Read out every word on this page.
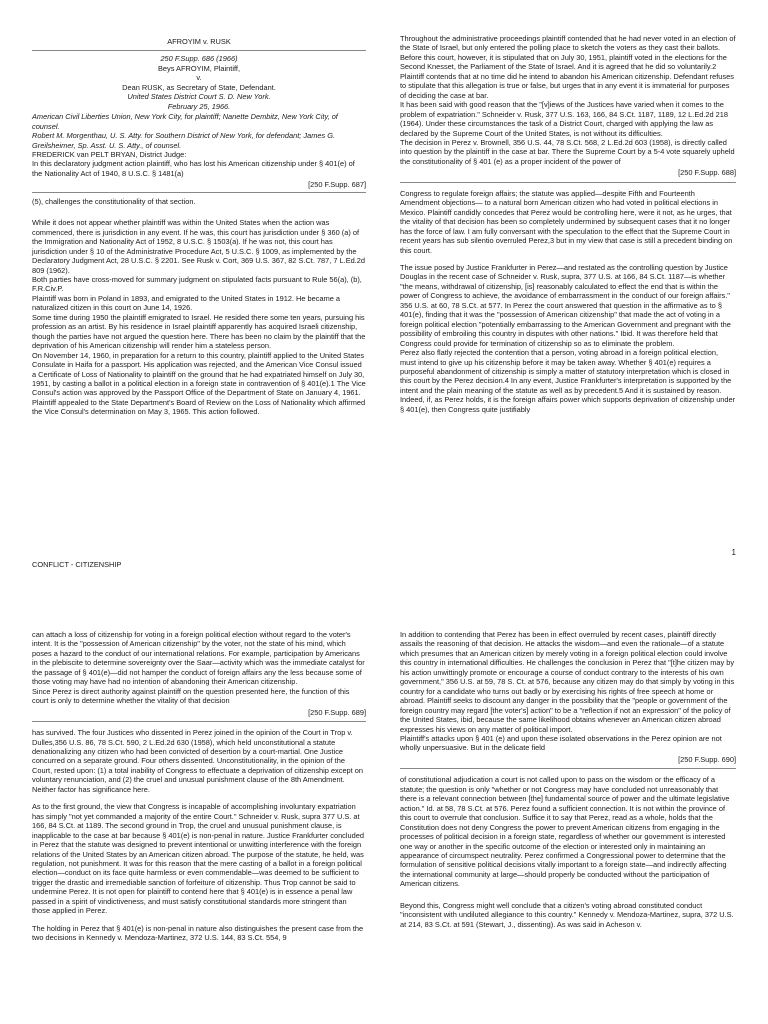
AFROYIM v. RUSK

250 F.Supp. 686 (1966)

Beys AFROYIM, Plaintiff,

v.

Dean RUSK, as Secretary of State, Defendant.

United States District Court S. D. New York.

February 25, 1966.

American Civil Liberties Union, New York City, for plaintiff; Nanette Dembitz, New York City, of counsel.

Robert M. Morgenthau, U. S. Atty. for Southern District of New York, for defendant; James G. Greilsheimer, Sp. Asst. U. S. Atty., of counsel.

FREDERICK van PELT BRYAN, District Judge:

In this declaratory judgment action plaintiff, who has lost his American citizenship under § 401(e) of the Nationality Act of 1940, 8 U.S.C. § 1481(a)

[250 F.Supp. 687]

(5), challenges the constitutionality of that section.

While it does not appear whether plaintiff was within the United States when the action was commenced, there is jurisdiction in any event. If he was, this court has jurisdiction under § 360 (a) of the Immigration and Nationality Act of 1952, 8 U.S.C. § 1503(a). If he was not, this court has jurisdiction under § 10 of the Administrative Procedure Act, 5 U.S.C. § 1009, as implemented by the Declaratory Judgment Act, 28 U.S.C. § 2201. See Rusk v. Cort, 369 U.S. 367, 82 S.Ct. 787, 7 L.Ed.2d 809 (1962).

Both parties have cross-moved for summary judgment on stipulated facts pursuant to Rule 56(a), (b), F.R.Civ.P.

Plaintiff was born in Poland in 1893, and emigrated to the United States in 1912. He became a naturalized citizen in this court on June 14, 1926.

Some time during 1950 the plaintiff emigrated to Israel. He resided there some ten years, pursuing his profession as an artist. By his residence in Israel plaintiff apparently has acquired Israeli citizenship, though the parties have not argued the question here. There has been no claim by the plaintiff that the deprivation of his American citizenship will render him a stateless person.

On November 14, 1960, in preparation for a return to this country, plaintiff applied to the United States Consulate in Haifa for a passport. His application was rejected, and the American Vice Consul issued a Certificate of Loss of Nationality to plaintiff on the ground that he had expatriated himself on July 30, 1951, by casting a ballot in a political election in a foreign state in contravention of § 401(e).1 The Vice Consul's action was approved by the Passport Office of the Department of State on January 4, 1961. Plaintiff appealed to the State Department's Board of Review on the Loss of Nationality which affirmed the Vice Consul's determination on May 3, 1965. This action followed.

Throughout the administrative proceedings plaintiff contended that he had never voted in an election of the State of Israel, but only entered the polling place to sketch the voters as they cast their ballots. Before this court, however, it is stipulated that on July 30, 1951, plaintiff voted in the elections for the Second Knesset, the Parliament of the State of Israel. And it is agreed that he did so voluntarily.2

Plaintiff contends that at no time did he intend to abandon his American citizenship. Defendant refuses to stipulate that this allegation is true or false, but urges that in any event it is immaterial for purposes of deciding the case at bar.

It has been said with good reason that the "[v]iews of the Justices have varied when it comes to the problem of expatriation." Schneider v. Rusk, 377 U.S. 163, 166, 84 S.Ct. 1187, 1189, 12 L.Ed.2d 218 (1964). Under these circumstances the task of a District Court, charged with applying the law as declared by the Supreme Court of the United States, is not without its difficulties.

The decision in Perez v. Brownell, 356 U.S. 44, 78 S.Ct. 568, 2 L.Ed.2d 603 (1958), is directly called into question by the plaintiff in the case at bar. There the Supreme Court by a 5-4 vote squarely upheld the constitutionality of § 401 (e) as a proper incident of the power of

[250 F.Supp. 688]

Congress to regulate foreign affairs; the statute was applied—despite Fifth and Fourteenth Amendment objections— to a natural born American citizen who had voted in political elections in Mexico. Plaintiff candidly concedes that Perez would be controlling here, were it not, as he urges, that the vitality of that decision has been so completely undermined by subsequent cases that it no longer has the force of law. I am fully conversant with the speculation to the effect that the Supreme Court in recent years has sub silentio overruled Perez,3 but in my view that case is still a precedent binding on this court.

The issue posed by Justice Frankfurter in Perez—and restated as the controlling question by Justice Douglas in the recent case of Schneider v. Rusk, supra, 377 U.S. at 166, 84 S.Ct. 1187—is whether "the means, withdrawal of citizenship, [is] reasonably calculated to effect the end that is within the power of Congress to achieve, the avoidance of embarrassment in the conduct of our foreign affairs." 356 U.S. at 60, 78 S.Ct. at 577. In Perez the court answered that question in the affirmative as to § 401(e), finding that it was the "possession of American citizenship" that made the act of voting in a foreign political election "potentially embarrassing to the American Government and pregnant with the possibility of embroiling this country in disputes with other nations." Ibid. It was therefore held that Congress could provide for termination of citizenship so as to eliminate the problem.

Perez also flatly rejected the contention that a person, voting abroad in a foreign political election, must intend to give up his citizenship before it may be taken away. Whether § 401(e) requires a purposeful abandonment of citizenship is simply a matter of statutory interpretation which is closed in this court by the Perez decision.4 In any event, Justice Frankfurter's interpretation is supported by the intent and the plain meaning of the statute as well as by precedent.5 And it is sustained by reason. Indeed, if, as Perez holds, it is the foreign affairs power which supports deprivation of citizenship under § 401(e), then Congress quite justifiably

1
CONFLICT - CITIZENSHIP

can attach a loss of citizenship for voting in a foreign political election without regard to the voter's intent. It is the "possession of American citizenship" by the voter, not the state of his mind, which poses a hazard to the conduct of our international relations. For example, participation by Americans in the plebiscite to determine sovereignty over the Saar—activity which was the immediate catalyst for the passage of § 401(e)—did not hamper the conduct of foreign affairs any the less because some of those voting may have had no intention of abandoning their American citizenship.

Since Perez is direct authority against plaintiff on the question presented here, the function of this court is only to determine whether the vitality of that decision

[250 F.Supp. 689]

has survived. The four Justices who dissented in Perez joined in the opinion of the Court in Trop v. Dulles,356 U.S. 86, 78 S.Ct. 590, 2 L.Ed.2d 630 (1958), which held unconstitutional a statute denationalizing any citizen who had been convicted of desertion by a court-martial. One Justice concurred on a separate ground. Four others dissented. Unconstitutionality, in the opinion of the Court, rested upon: (1) a total inability of Congress to effectuate a deprivation of citizenship except on voluntary renunciation, and (2) the cruel and unusual punishment clause of the 8th Amendment. Neither factor has significance here.

As to the first ground, the view that Congress is incapable of accomplishing involuntary expatriation has simply "not yet commanded a majority of the entire Court." Schneider v. Rusk, supra 377 U.S. at 166, 84 S.Ct. at 1189. The second ground in Trop, the cruel and unusual punishment clause, is inapplicable to the case at bar because § 401(e) is non-penal in nature. Justice Frankfurter concluded in Perez that the statute was designed to prevent intentional or unwitting interference with the foreign relations of the United States by an American citizen abroad. The purpose of the statute, he held, was regulation, not punishment. It was for this reason that the mere casting of a ballot in a foreign political election—conduct on its face quite harmless or even commendable—was deemed to be sufficient to trigger the drastic and irremediable sanction of forfeiture of citizenship. Thus Trop cannot be said to undermine Perez. It is not open for plaintiff to contend here that § 401(e) is in essence a penal law passed in a spirit of vindictiveness, and must satisfy constitutional standards more stringent than those applied in Perez.

The holding in Perez that § 401(e) is non-penal in nature also distinguishes the present case from the two decisions in Kennedy v. Mendoza-Martinez, 372 U.S. 144, 83 S.Ct. 554, 9

In addition to contending that Perez has been in effect overruled by recent cases, plaintiff directly assails the reasoning of that decision. He attacks the wisdom—and even the rationale—of a statute which presumes that an American citizen by merely voting in a foreign political election could involve this country in international difficulties. He challenges the conclusion in Perez that "[t]he citizen may by his action unwittingly promote or encourage a course of conduct contrary to the interests of his own government," 356 U.S. at 59, 78 S. Ct. at 576, because any citizen may do that simply by voting in this country for a candidate who turns out badly or by exercising his rights of free speech at home or abroad. Plaintiff seeks to discount any danger in the possibility that the "people or government of the foreign country may regard [the voter's] action" to be a "reflection if not an expression" of the policy of the United States, ibid, because the same likelihood obtains whenever an American citizen abroad expresses his views on any matter of political import.

Plaintiff's attacks upon § 401 (e) and upon these isolated observations in the Perez opinion are not wholly unpersuasive. But in the delicate field

[250 F.Supp. 690]

of constitutional adjudication a court is not called upon to pass on the wisdom or the efficacy of a statute; the question is only "whether or not Congress may have concluded not unreasonably that there is a relevant connection between [the] fundamental source of power and the ultimate legislative action." Id. at 58, 78 S.Ct. at 576. Perez found a sufficient connection. It is not within the province of this court to overrule that conclusion. Suffice it to say that Perez, read as a whole, holds that the Constitution does not deny Congress the power to prevent American citizens from engaging in the processes of political decision in a foreign state, regardless of whether our government is interested one way or another in the specific outcome of the election or interested only in maintaining an appearance of circumspect neutrality. Perez confirmed a Congressional power to determine that the formulation of sensitive political decisions vitally important to a foreign state—and indirectly affecting the international community at large—should properly be conducted without the participation of American citizens.

Beyond this, Congress might well conclude that a citizen's voting abroad constituted conduct "inconsistent with undiluted allegiance to this country." Kennedy v. Mendoza-Martinez, supra, 372 U.S. at 214, 83 S.Ct. at 591 (Stewart, J., dissenting). As was said in Acheson v.
